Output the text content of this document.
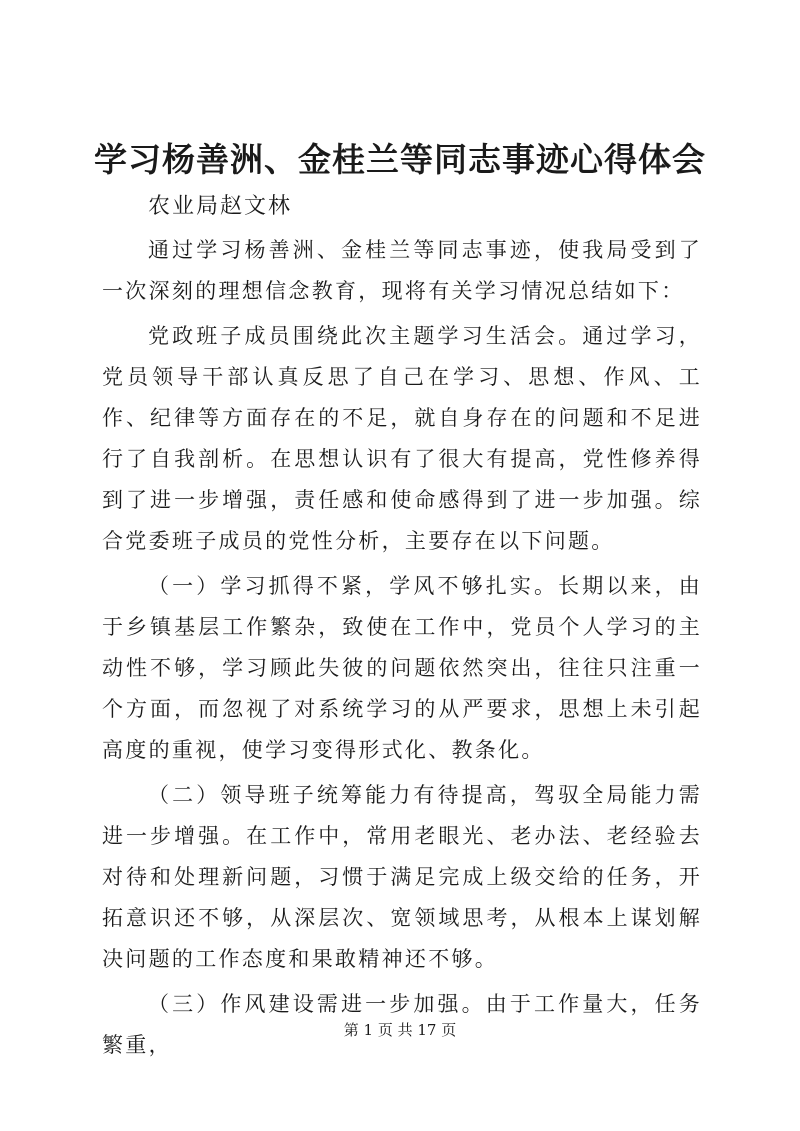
学习杨善洲、金桂兰等同志事迹心得体会
农业局赵文林

通过学习杨善洲、金桂兰等同志事迹，使我局受到了一次深刻的理想信念教育，现将有关学习情况总结如下：

党政班子成员围绕此次主题学习生活会。通过学习，党员领导干部认真反思了自己在学习、思想、作风、工作、纪律等方面存在的不足，就自身存在的问题和不足进行了自我剖析。在思想认识有了很大有提高，党性修养得到了进一步增强，责任感和使命感得到了进一步加强。综合党委班子成员的党性分析，主要存在以下问题。

（一）学习抓得不紧，学风不够扎实。长期以来，由于乡镇基层工作繁杂，致使在工作中，党员个人学习的主动性不够，学习顾此失彼的问题依然突出，往往只注重一个方面，而忽视了对系统学习的从严要求，思想上未引起高度的重视，使学习变得形式化、教条化。

（二）领导班子统筹能力有待提高，驾驭全局能力需进一步增强。在工作中，常用老眼光、老办法、老经验去对待和处理新问题，习惯于满足完成上级交给的任务，开拓意识还不够，从深层次、宽领域思考，从根本上谋划解决问题的工作态度和果敢精神还不够。

（三）作风建设需进一步加强。由于工作量大，任务繁重，

第 1 页 共 17 页
